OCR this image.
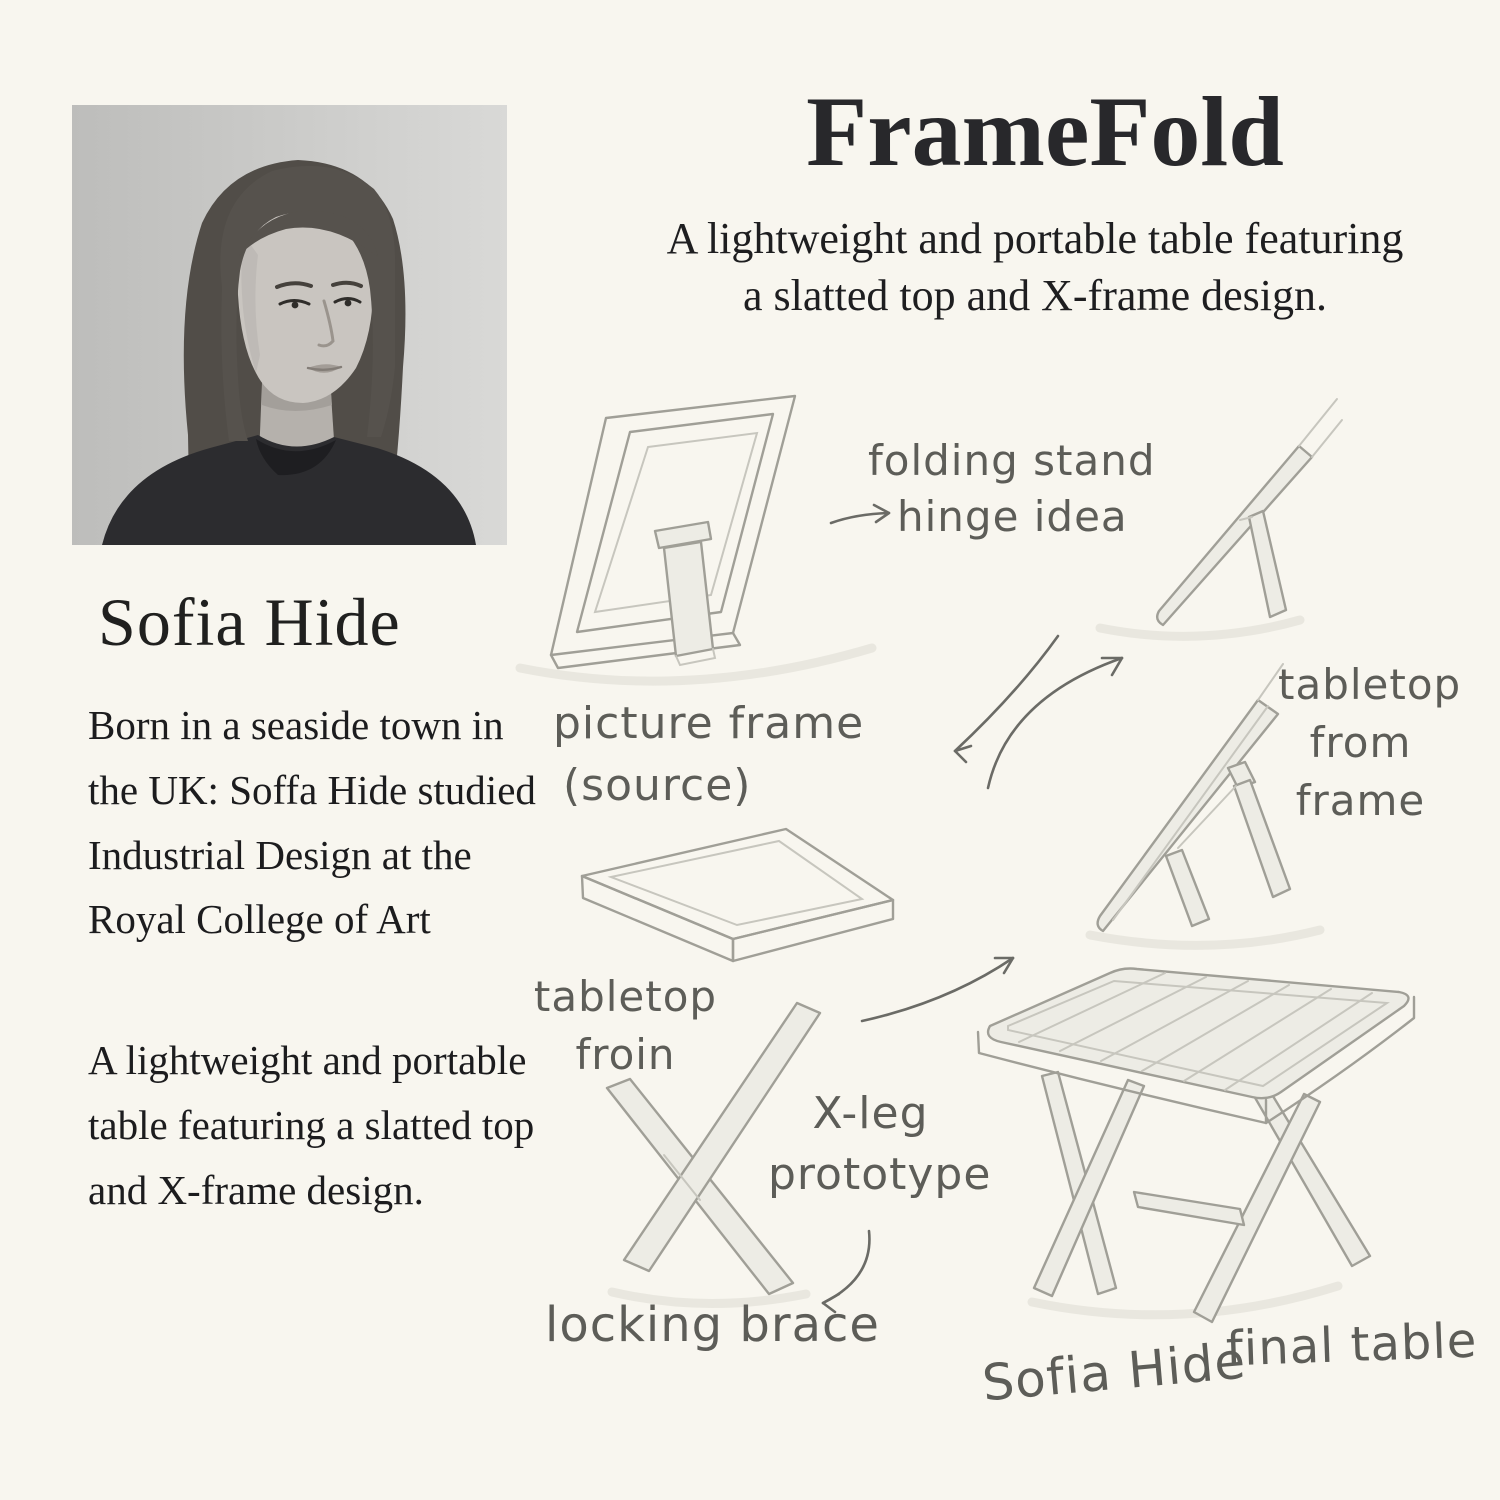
Sofia Hide

Born in a seaside town in the UK: Soffa Hide studied Industrial Design at the Royal College of Art

A lightweight and portable table featuring a slatted top and X-frame design.

FrameFold
A lightweight and portable table featuring
a slatted top and X-frame design.
folding stand
hinge idea
picture frame
(source)
tabletop
from
frame
tabletop
froin
X-leg
prototype
locking brace
Sofia Hide
final table
